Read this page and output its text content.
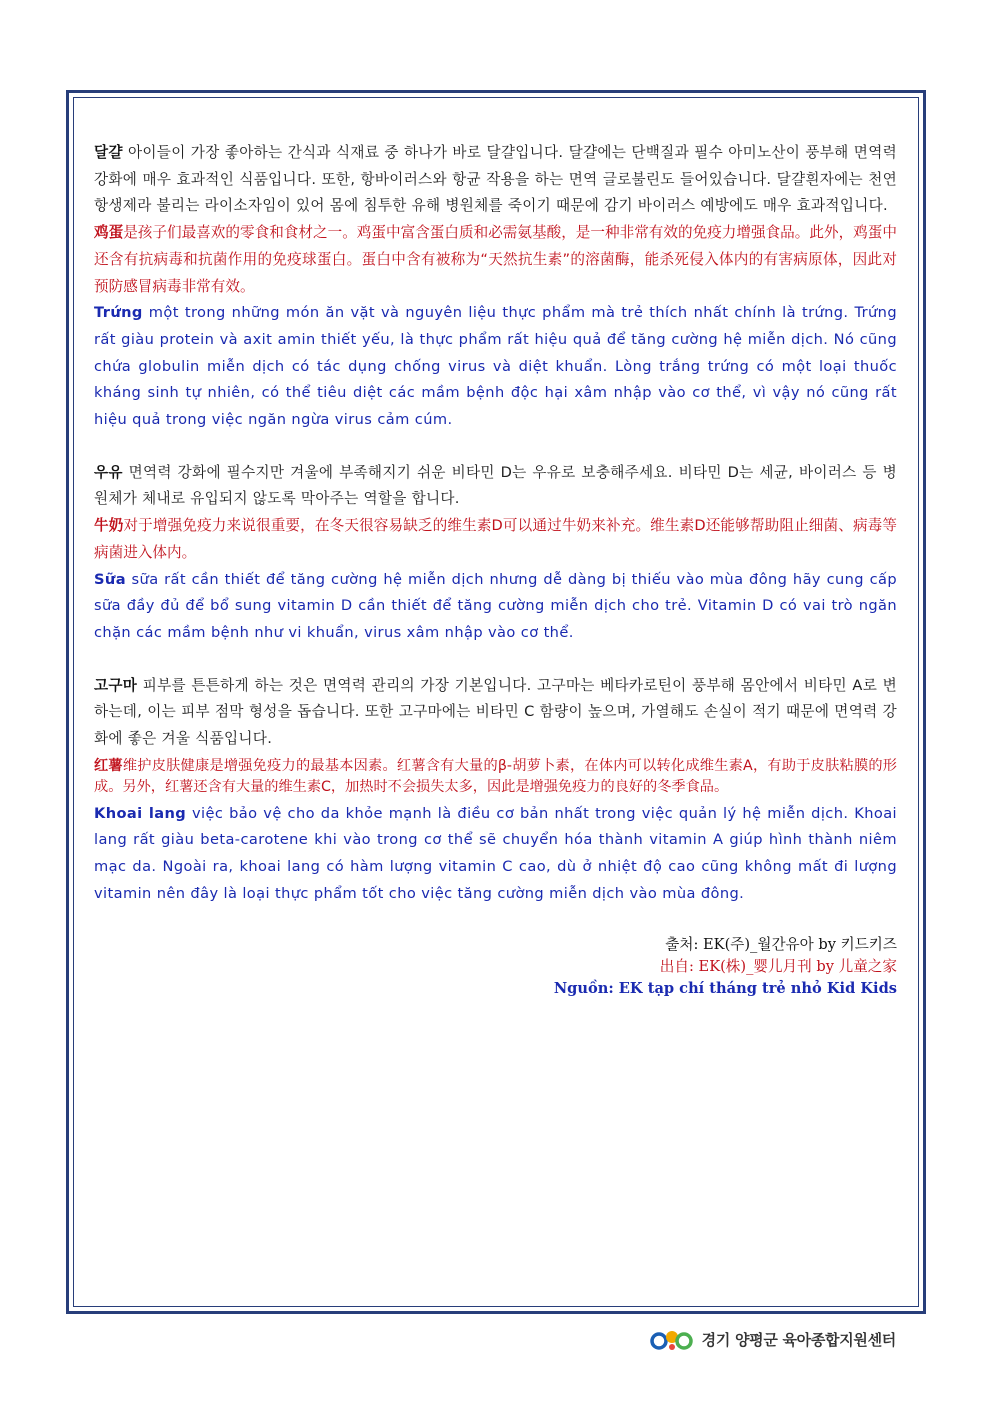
달걀 아이들이 가장 좋아하는 간식과 식재료 중 하나가 바로 달걀입니다. 달걀에는 단백질과 필수 아미노산이 풍부해 면역력 강화에 매우 효과적인 식품입니다. 또한, 항바이러스와 항균 작용을 하는 면역 글로불린도 들어있습니다. 달걀흰자에는 천연 항생제라 불리는 라이소자임이 있어 몸에 침투한 유해 병원체를 죽이기 때문에 감기 바이러스 예방에도 매우 효과적입니다.

鸡蛋是孩子们最喜欢的零食和食材之一。鸡蛋中富含蛋白质和必需氨基酸，是一种非常有效的免疫力增强食品。此外，鸡蛋中还含有抗病毒和抗菌作用的免疫球蛋白。蛋白中含有被称为“天然抗生素”的溶菌酶，能杀死侵入体内的有害病原体，因此对预防感冒病毒非常有效。

Trứng một trong những món ăn vặt và nguyên liệu thực phẩm mà trẻ thích nhất chính là trứng. Trứng rất giàu protein và axit amin thiết yếu, là thực phẩm rất hiệu quả để tăng cường hệ miễn dịch. Nó cũng chứa globulin miễn dịch có tác dụng chống virus và diệt khuẩn. Lòng trắng trứng có một loại thuốc kháng sinh tự nhiên, có thể tiêu diệt các mầm bệnh độc hại xâm nhập vào cơ thể, vì vậy nó cũng rất hiệu quả trong việc ngăn ngừa virus cảm cúm.

우유 면역력 강화에 필수지만 겨울에 부족해지기 쉬운 비타민 D는 우유로 보충해주세요. 비타민 D는 세균, 바이러스 등 병원체가 체내로 유입되지 않도록 막아주는 역할을 합니다.

牛奶对于增强免疫力来说很重要，在冬天很容易缺乏的维生素D可以通过牛奶来补充。维生素D还能够帮助阻止细菌、病毒等病菌进入体内。

Sữa sữa rất cần thiết để tăng cường hệ miễn dịch nhưng dễ dàng bị thiếu vào mùa đông hãy cung cấp sữa đầy đủ để bổ sung vitamin D cần thiết để tăng cường miễn dịch cho trẻ. Vitamin D có vai trò ngăn chặn các mầm bệnh như vi khuẩn, virus xâm nhập vào cơ thể.

고구마 피부를 튼튼하게 하는 것은 면역력 관리의 가장 기본입니다. 고구마는 베타카로틴이 풍부해 몸안에서 비타민 A로 변하는데, 이는 피부 점막 형성을 돕습니다. 또한 고구마에는 비타민 C 함량이 높으며, 가열해도 손실이 적기 때문에 면역력 강화에 좋은 겨울 식품입니다.

红薯维护皮肤健康是增强免疫力的最基本因素。红薯含有大量的β-胡萝卜素，在体内可以转化成维生素A，有助于皮肤粘膜的形成。另外，红薯还含有大量的维生素C，加热时不会损失太多，因此是增强免疫力的良好的冬季食品。

Khoai lang việc bảo vệ cho da khỏe mạnh là điều cơ bản nhất trong việc quản lý hệ miễn dịch. Khoai lang rất giàu beta-carotene khi vào trong cơ thể sẽ chuyển hóa thành vitamin A giúp hình thành niêm mạc da. Ngoài ra, khoai lang có hàm lượng vitamin C cao, dù ở nhiệt độ cao cũng không mất đi lượng vitamin nên đây là loại thực phẩm tốt cho việc tăng cường miễn dịch vào mùa đông.

출처: EK(주)_월간유아 by 키드키즈
出自: EK(株)_婴儿月刊 by 儿童之家
Nguồn: EK tạp chí tháng trẻ nhỏ Kid Kids
경기 양평군 육아종합지원센터
